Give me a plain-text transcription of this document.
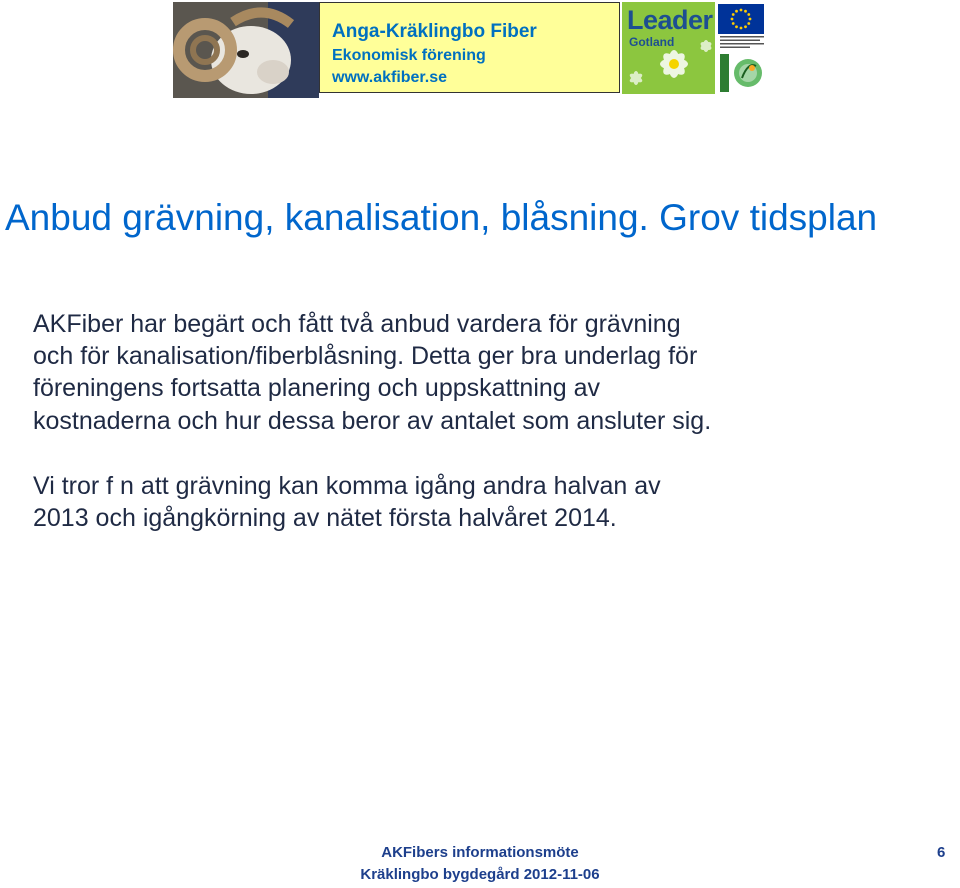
Anga-Kräklingbo Fiber
Ekonomisk förening
www.akfiber.se
Leader
Gotland
Anbud grävning, kanalisation, blåsning. Grov tidsplan

AKFiber har begärt och fått två anbud vardera för grävning
och för kanalisation/fiberblåsning. Detta ger bra underlag för
föreningens fortsatta planering och uppskattning av
kostnaderna och hur dessa beror av antalet som ansluter sig.

Vi tror f n att grävning kan komma igång andra halvan av
2013 och igångkörning av nätet första halvåret 2014.

AKFibers informationsmöte
Kräklingbo bygdegård 2012-11-06
6
